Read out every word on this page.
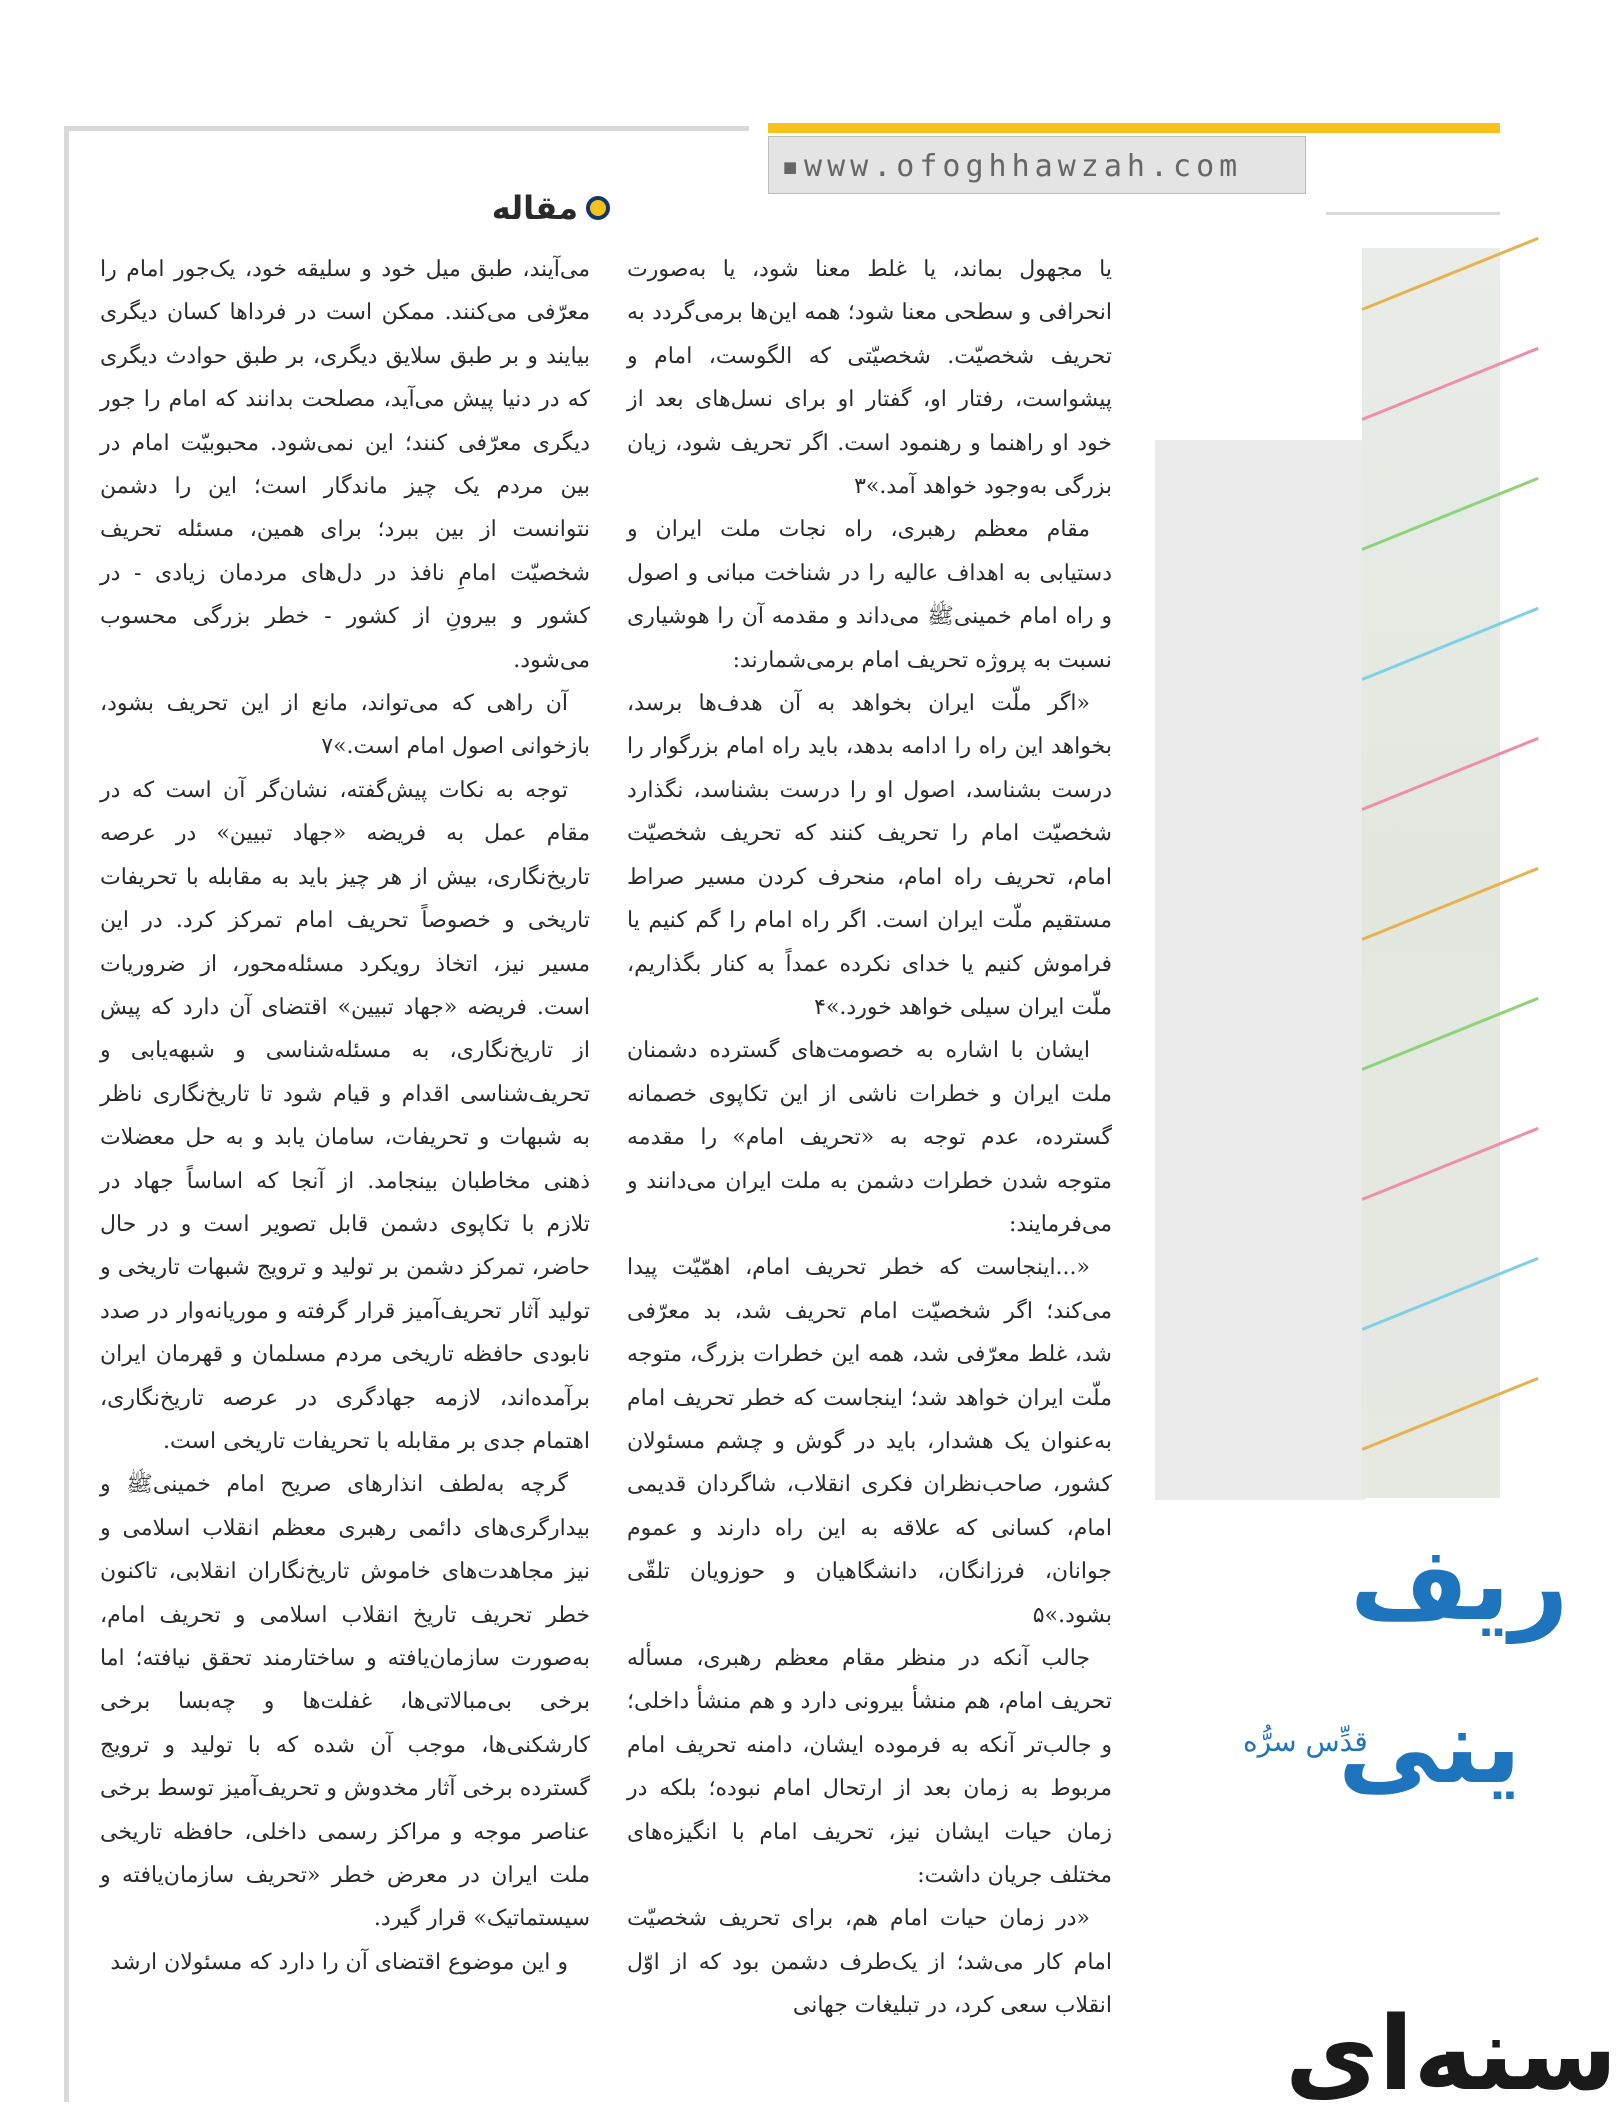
▪www.ofoghhawzah.com
مقاله

یا مجهول بماند، یا غلط معنا شود، یا به‌صورت انحرافی و سطحی معنا شود؛ همه این‌ها برمی‌گردد به تحریف شخصیّت. شخصیّتی که الگوست، امام و پیشواست، رفتار او، گفتار او برای نسل‌های بعد از خود او راهنما و رهنمود است. اگر تحریف شود، زیان بزرگی به‌وجود خواهد آمد.»۳

مقام معظم رهبری، راه نجات ملت ایران و دستیابی به اهداف عالیه را در شناخت مبانی و اصول و راه امام خمینی‌ﷺ می‌داند و مقدمه آن را هوشیاری نسبت به پروژه تحریف امام برمی‌شمارند:

«اگر ملّت ایران بخواهد به آن هدف‌ها برسد، بخواهد این راه را ادامه بدهد، باید راه امام بزرگوار را درست بشناسد، اصول او را درست بشناسد، نگذارد شخصیّت امام را تحریف کنند که تحریف شخصیّت امام، تحریف راه امام، منحرف کردن مسیر صراط مستقیم ملّت ایران است. اگر راه امام را گم کنیم یا فراموش کنیم یا خدای نکرده عمداً به کنار بگذاریم، ملّت ایران سیلی خواهد خورد.»۴

ایشان با اشاره به خصومت‌های گسترده دشمنان ملت ایران و خطرات ناشی از این تکاپوی خصمانه گسترده، عدم توجه به «تحریف امام» را مقدمه متوجه شدن خطرات دشمن به ملت ایران می‌دانند و می‌فرمایند:

«...اینجاست که خطر تحریف امام، اهمّیّت پیدا می‌کند؛ اگر شخصیّت امام تحریف شد، بد معرّفی شد، غلط معرّفی شد، همه این خطرات بزرگ، متوجه ملّت ایران خواهد شد؛ اینجاست که خطر تحریف امام به‌عنوان یک هشدار، باید در گوش و چشم مسئولان کشور، صاحب‌نظران فکری انقلاب، شاگردان قدیمی امام، کسانی که علاقه به این راه دارند و عموم جوانان، فرزانگان، دانشگاهیان و حوزویان تلقّی بشود.»۵

جالب آنکه در منظر مقام معظم رهبری، مسأله تحریف امام، هم منشأ بیرونی دارد و هم منشأ داخلی؛ و جالب‌تر آنکه به فرموده ایشان، دامنه تحریف امام مربوط به زمان بعد از ارتحال امام نبوده؛ بلکه در زمان حیات ایشان نیز، تحریف امام با انگیزه‌های مختلف جریان داشت:

«در زمان حیات امام هم، برای تحریف شخصیّت امام کار می‌شد؛ از یک‌طرف دشمن بود که از اوّل انقلاب سعی کرد، در تبلیغات جهانی

می‌آیند، طبق میل خود و سلیقه خود، یک‌جور امام را معرّفی می‌کنند. ممکن است در فرداها کسان دیگری بیایند و بر طبق سلایق دیگری، بر طبق حوادث دیگری که در دنیا پیش می‌آید، مصلحت بدانند که امام را جور دیگری معرّفی کنند؛ این نمی‌شود. محبوبیّت امام در بین مردم یک چیز ماندگار است؛ این را دشمن نتوانست از بین ببرد؛ برای همین، مسئله تحریف شخصیّت امامِ نافذ در دل‌های مردمان زیادی - در کشور و بیرونِ از کشور - خطر بزرگی محسوب می‌شود.

آن راهی که می‌تواند، مانع از این تحریف بشود، بازخوانی اصول امام است.»۷

توجه به نکات پیش‌گفته، نشان‌گر آن است که در مقام عمل به فریضه «جهاد تبیین» در عرصه تاریخ‌نگاری، بیش از هر چیز باید به مقابله با تحریفات تاریخی و خصوصاً تحریف امام تمرکز کرد. در این مسیر نیز، اتخاذ رویکرد مسئله‌محور، از ضروریات است. فریضه «جهاد تبیین» اقتضای آن دارد که پیش از تاریخ‌نگاری، به مسئله‌شناسی و شبهه‌یابی و تحریف‌شناسی اقدام و قیام شود تا تاریخ‌نگاری ناظر به شبهات و تحریفات، سامان یابد و به حل معضلات ذهنی مخاطبان بینجامد. از آنجا که اساساً جهاد در تلازم با تکاپوی دشمن قابل تصویر است و در حال حاضر، تمرکز دشمن بر تولید و ترویج شبهات تاریخی و تولید آثار تحریف‌آمیز قرار گرفته و موریانه‌وار در صدد نابودی حافظه تاریخی مردم مسلمان و قهرمان ایران برآمده‌اند، لازمه جهادگری در عرصه تاریخ‌نگاری، اهتمام جدی بر مقابله با تحریفات تاریخی است.

گرچه به‌لطف انذارهای صریح امام خمینی‌ﷺ و بیدارگری‌های دائمی رهبری معظم انقلاب اسلامی و نیز مجاهدت‌های خاموش تاریخ‌نگاران انقلابی، تاکنون خطر تحریف تاریخ انقلاب اسلامی و تحریف امام، به‌صورت سازمان‌یافته و ساختارمند تحقق نیافته؛ اما برخی بی‌مبالاتی‌ها، غفلت‌ها و چه‌بسا برخی کارشکنی‌ها، موجب آن شده که با تولید و ترویج گسترده برخی آثار مخدوش و تحریف‌آمیز توسط برخی عناصر موجه و مراکز رسمی داخلی، حافظه تاریخی ملت ایران در معرض خطر «تحریف سازمان‌یافته و سیستماتیک» قرار گیرد.

و این موضوع اقتضای آن را دارد که مسئولان ارشد

ریف
ینی
قدِّس سرُّه
سنه‌ای
